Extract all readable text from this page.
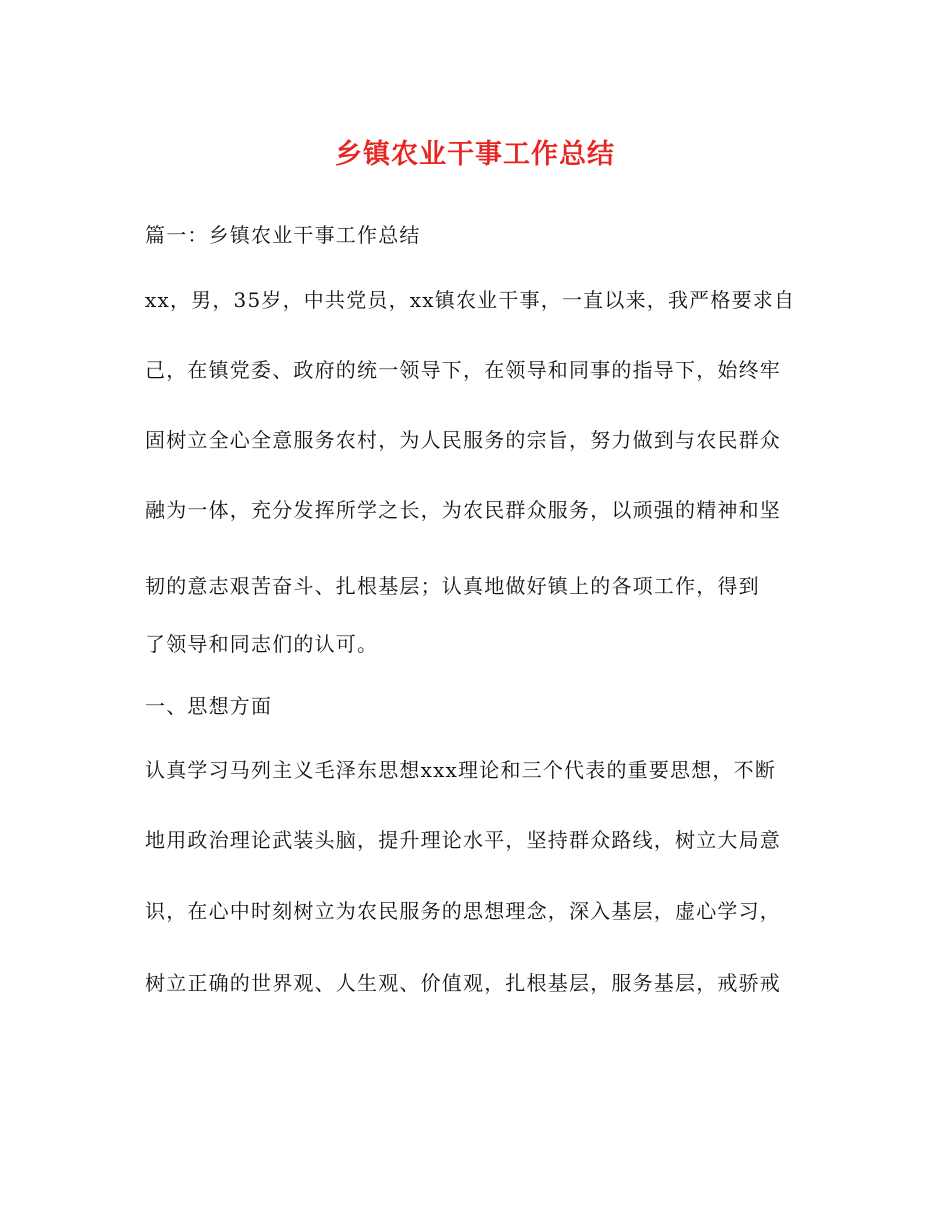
乡镇农业干事工作总结
篇一：乡镇农业干事工作总结
xx，男，35岁，中共党员，xx镇农业干事，一直以来，我严格要求自
己，在镇党委、政府的统一领导下，在领导和同事的指导下，始终牢
固树立全心全意服务农村，为人民服务的宗旨，努力做到与农民群众
融为一体，充分发挥所学之长，为农民群众服务，以顽强的精神和坚
韧的意志艰苦奋斗、扎根基层；认真地做好镇上的各项工作，得到
了领导和同志们的认可。
一、思想方面
认真学习马列主义毛泽东思想xxx理论和三个代表的重要思想，不断
地用政治理论武装头脑，提升理论水平，坚持群众路线，树立大局意
识，在心中时刻树立为农民服务的思想理念，深入基层，虚心学习，
树立正确的世界观、人生观、价值观，扎根基层，服务基层，戒骄戒
